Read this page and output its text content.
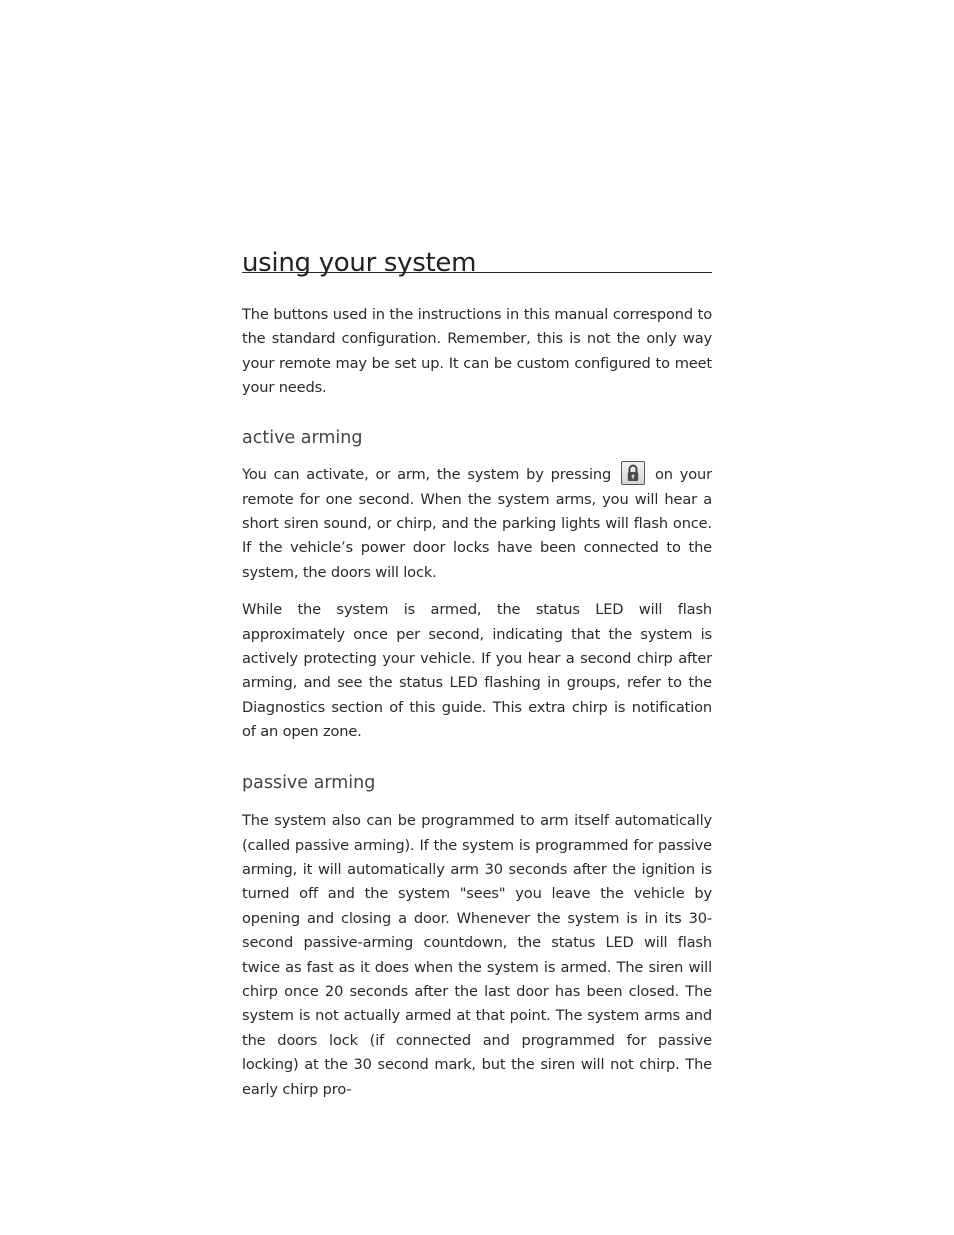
using your system

The buttons used in the instructions in this manual correspond to the standard configuration. Remember, this is not the only way your remote may be set up. It can be custom configured to meet your needs.

active arming

You can activate, or arm, the system by pressing
on your remote for one second. When the system arms, you will hear a short siren sound, or chirp, and the parking lights will flash once. If the vehicle’s power door locks have been connected to the system, the doors will lock.

While the system is armed, the status LED will flash approximately once per second, indicating that the system is actively protecting your vehicle. If you hear a second chirp after arming, and see the status LED flashing in groups, refer to the Diagnostics section of this guide. This extra chirp is notification of an open zone.

passive arming

The system also can be programmed to arm itself automatically (called passive arming). If the system is programmed for passive arming, it will automatically arm 30 seconds after the ignition is turned off and the system "sees" you leave the vehicle by opening and closing a door. Whenever the system is in its 30-second passive-arming countdown, the status LED will flash twice as fast as it does when the system is armed. The siren will chirp once 20 seconds after the last door has been closed. The system is not actually armed at that point. The system arms and the doors lock (if connected and programmed for passive locking) at the 30 second mark, but the siren will not chirp. The early chirp pro-
